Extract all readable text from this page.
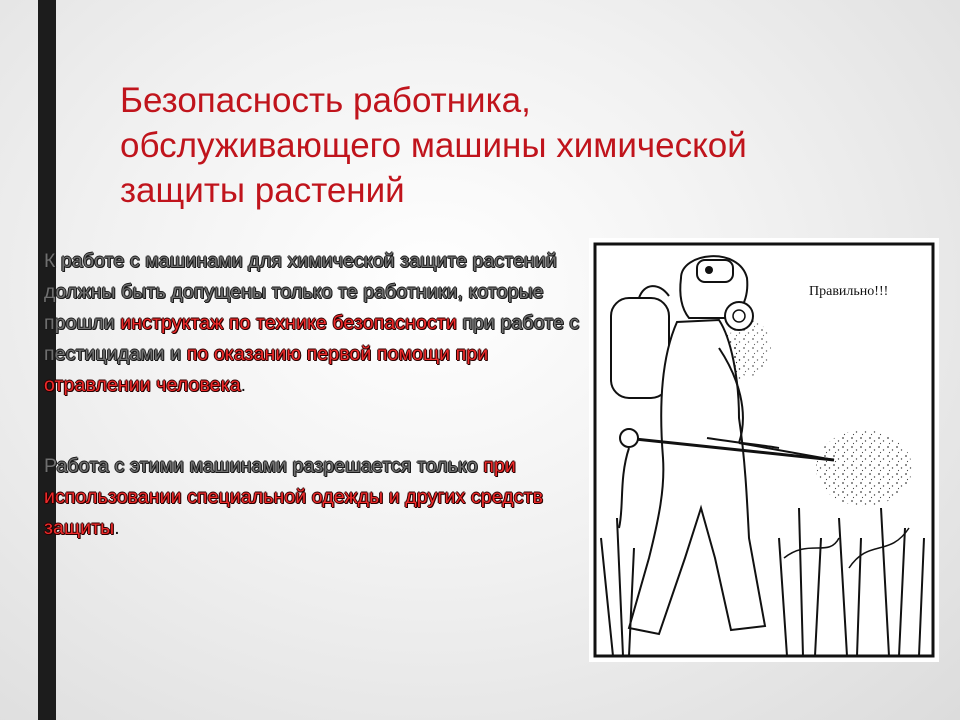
Безопасность работника,
обслуживающего машины химической
защиты растений

К работе с машинами для химической защите растений должны быть допущены только те работники, которые прошли инструктаж по технике безопасности при работе с пестицидами и по оказанию первой помощи при отравлении человека.

Работа с этими машинами разрешается только при использовании специальной одежды и других средств защиты.

Правильно!!!
